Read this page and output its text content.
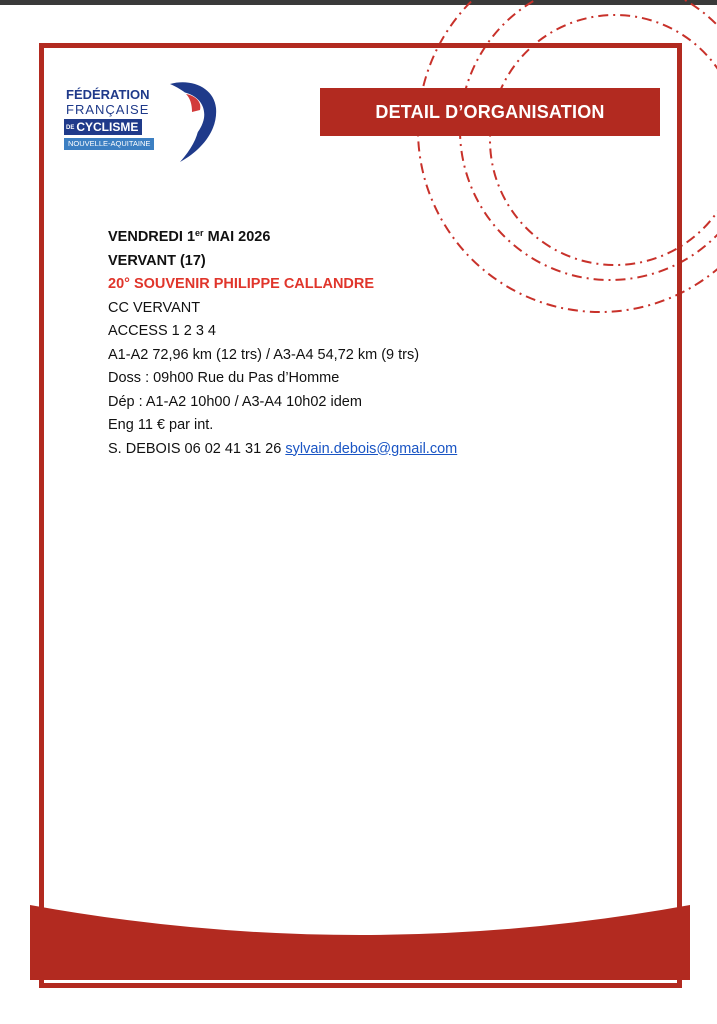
FÉDÉRATION
FRANÇAISE
DE CYCLISME
NOUVELLE-AQUITAINE
DETAIL D’ORGANISATION
VENDREDI 1er MAI 2026
VERVANT (17)
20° SOUVENIR PHILIPPE CALLANDRE
CC VERVANT
ACCESS 1 2 3 4
A1-A2 72,96 km (12 trs) / A3-A4 54,72 km (9 trs)
Doss : 09h00 Rue du Pas d’Homme
Dép : A1-A2 10h00 / A3-A4 10h02 idem
Eng 11 € par int.
S. DEBOIS 06 02 41 31 26 sylvain.debois@gmail.com
